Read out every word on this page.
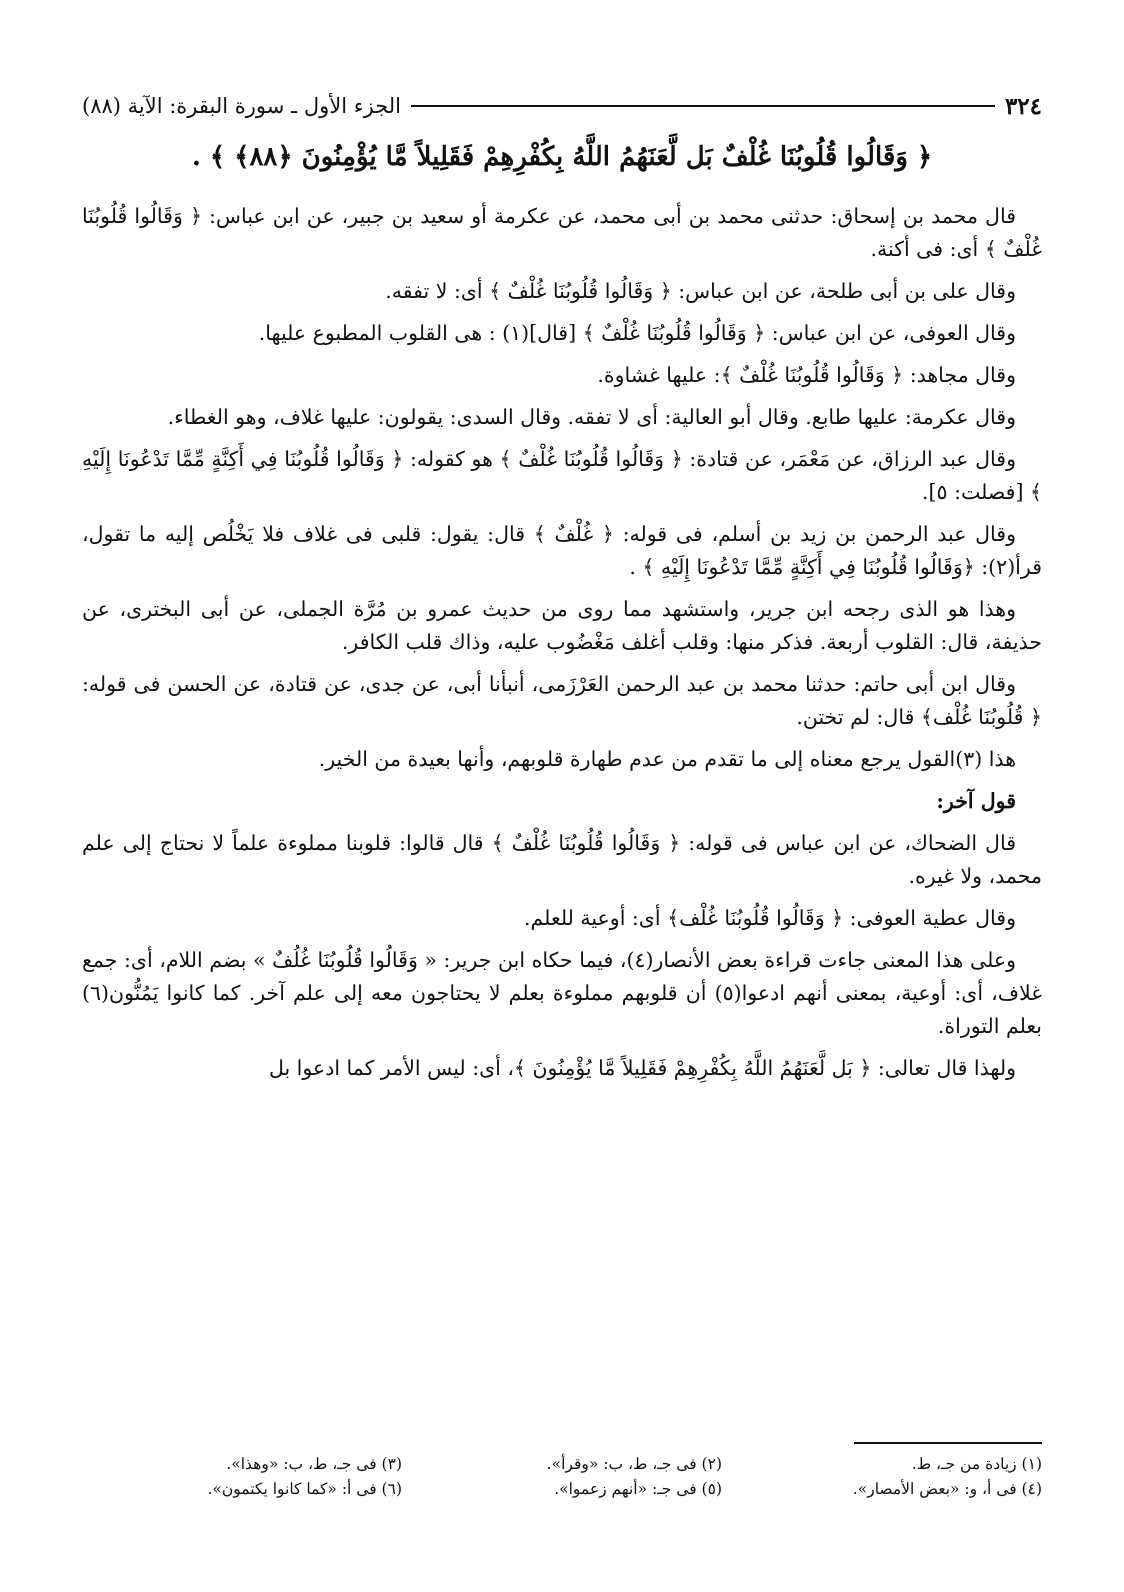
٣٢٤
الجزء الأول ـ سورة البقرة: الآية (٨٨)
﴿ وَقَالُوا قُلُوبُنَا غُلْفٌ بَل لَّعَنَهُمُ اللَّهُ بِكُفْرِهِمْ فَقَلِيلاً مَّا يُؤْمِنُونَ ﴿٨٨﴾ ﴾ .

قال محمد بن إسحاق: حدثنى محمد بن أبى محمد، عن عكرمة أو سعيد بن جبير، عن ابن عباس: ﴿ وَقَالُوا قُلُوبُنَا غُلْفٌ ﴾ أى: فى أكنة.

وقال على بن أبى طلحة، عن ابن عباس: ﴿ وَقَالُوا قُلُوبُنَا غُلْفٌ ﴾ أى: لا تفقه.

وقال العوفى، عن ابن عباس: ﴿ وَقَالُوا قُلُوبُنَا غُلْفٌ ﴾ [قال](١) : هى القلوب المطبوع عليها.

وقال مجاهد: ﴿ وَقَالُوا قُلُوبُنَا غُلْفٌ ﴾: عليها غشاوة.

وقال عكرمة: عليها طابع. وقال أبو العالية: أى لا تفقه. وقال السدى: يقولون: عليها غلاف، وهو الغطاء.

وقال عبد الرزاق، عن مَعْمَر، عن قتادة: ﴿ وَقَالُوا قُلُوبُنَا غُلْفٌ ﴾ هو كقوله: ﴿ وَقَالُوا قُلُوبُنَا فِي أَكِنَّةٍ مِّمَّا تَدْعُونَا إِلَيْهِ ﴾ [فصلت: ٥].

وقال عبد الرحمن بن زيد بن أسلم، فى قوله: ﴿ غُلْفٌ ﴾ قال: يقول: قلبى فى غلاف فلا يَخْلُص إليه ما تقول، قرأ(٢): ﴿وَقَالُوا قُلُوبُنَا فِي أَكِنَّةٍ مِّمَّا تَدْعُونَا إِلَيْهِ ﴾ .

وهذا هو الذى رجحه ابن جرير، واستشهد مما روى من حديث عمرو بن مُرَّة الجملى، عن أبى البخترى، عن حذيفة، قال: القلوب أربعة. فذكر منها: وقلب أغلف مَغْضُوب عليه، وذاك قلب الكافر.

وقال ابن أبى حاتم: حدثنا محمد بن عبد الرحمن العَرْزَمى، أنبأنا أبى، عن جدى، عن قتادة، عن الحسن فى قوله: ﴿ قُلُوبُنَا غُلْف﴾ قال: لم تختن.

هذا (٣)القول يرجع معناه إلى ما تقدم من عدم طهارة قلوبهم، وأنها بعيدة من الخير.

قول آخر:

قال الضحاك، عن ابن عباس فى قوله: ﴿ وَقَالُوا قُلُوبُنَا غُلْفٌ ﴾ قال قالوا: قلوبنا مملوءة علماً لا نحتاج إلى علم محمد، ولا غيره.

وقال عطية العوفى: ﴿ وَقَالُوا قُلُوبُنَا غُلْف﴾ أى: أوعية للعلم.

وعلى هذا المعنى جاءت قراءة بعض الأنصار(٤)، فيما حكاه ابن جرير: « وَقَالُوا قُلُوبُنَا غُلُفٌ » بضم اللام، أى: جمع غلاف، أى: أوعية، بمعنى أنهم ادعوا(٥) أن قلوبهم مملوءة بعلم لا يحتاجون معه إلى علم آخر. كما كانوا يَمُنُّون(٦) بعلم التوراة.

ولهذا قال تعالى: ﴿ بَل لَّعَنَهُمُ اللَّهُ بِكُفْرِهِمْ فَقَلِيلاً مَّا يُؤْمِنُونَ ﴾، أى: ليس الأمر كما ادعوا بل

(١) زيادة من جـ، ط.
(٢) فى جـ، ط، ب: «وقرأ».
(٣) فى جـ، ط، ب: «وهذا».
(٤) فى أ، و: «بعض الأمصار».
(٥) فى جـ: «أنهم زعموا».
(٦) فى أ: «كما كانوا يكتمون».
